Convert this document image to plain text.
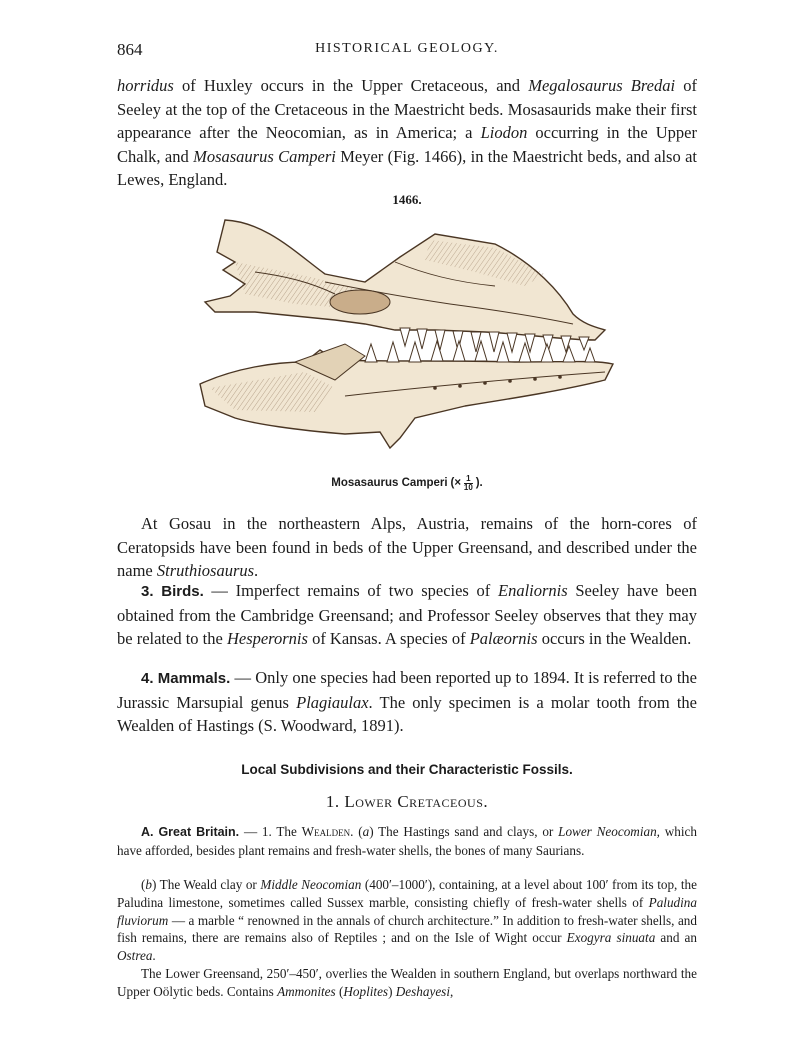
864	HISTORICAL GEOLOGY.

horridus of Huxley occurs in the Upper Cretaceous, and Megalosaurus Bredai of Seeley at the top of the Cretaceous in the Maestricht beds. Mosasaurids make their first appearance after the Neocomian, as in America; a Liodon occurring in the Upper Chalk, and Mosasaurus Camperi Meyer (Fig. 1466), in the Maestricht beds, and also at Lewes, England.

1466.
Mosasaurus Camperi (× $\frac{1}{10}$ ).

At Gosau in the northeastern Alps, Austria, remains of the horn-cores of Ceratopsids have been found in beds of the Upper Greensand, and described under the name Struthiosaurus.

3. Birds. — Imperfect remains of two species of Enaliornis Seeley have been obtained from the Cambridge Greensand; and Professor Seeley observes that they may be related to the Hesperornis of Kansas. A species of Palæornis occurs in the Wealden.

4. Mammals. — Only one species had been reported up to 1894. It is referred to the Jurassic Marsupial genus Plagiaulax. The only specimen is a molar tooth from the Wealden of Hastings (S. Woodward, 1891).

Local Subdivisions and their Characteristic Fossils.
1. Lower Cretaceous.

A. Great Britain. — 1. The Wealden. (a) The Hastings sand and clays, or Lower Neocomian, which have afforded, besides plant remains and fresh-water shells, the bones of many Saurians.

(b) The Weald clay or Middle Neocomian (400′–1000′), containing, at a level about 100′ from its top, the Paludina limestone, sometimes called Sussex marble, consisting chiefly of fresh-water shells of Paludina fluviorum — a marble “ renowned in the annals of church architecture.” In addition to fresh-water shells, and fish remains, there are remains also of Reptiles ; and on the Isle of Wight occur Exogyra sinuata and an Ostrea.

The Lower Greensand, 250′–450′, overlies the Wealden in southern England, but overlaps northward the Upper Oölytic beds. Contains Ammonites (Hoplites) Deshayesi,
